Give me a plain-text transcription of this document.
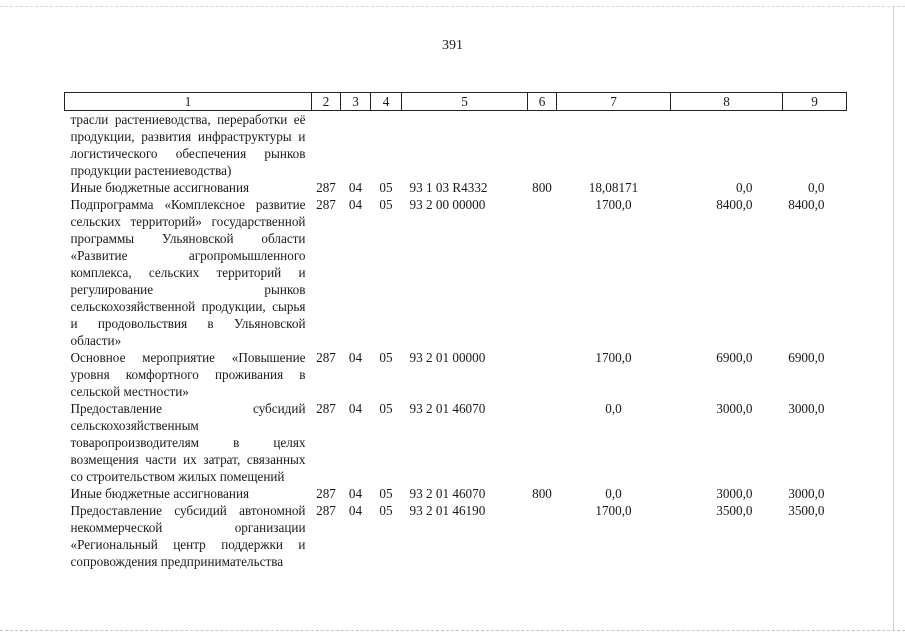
391
1	2	3	4	5	6	7	8	9
трасли растениеводства, переработки её продукции, развития инфраструктуры и логистического обеспечения рынков продукции растениеводства)								
Иные бюджетные ассигнования	287	04	05	93 1 03 R4332	800	18,08171	0,0	0,0
Подпрограмма «Комплексное развитие сельских территорий» государственной программы Ульяновской области «Развитие агропромышленного комплекса, сельских территорий и регулирование рынков сельскохозяйственной продукции, сырья и продовольствия в Ульяновской области»	287	04	05	93 2 00 00000		1700,0	8400,0	8400,0
Основное мероприятие «Повышение уровня комфортного проживания в сельской местности»	287	04	05	93 2 01 00000		1700,0	6900,0	6900,0
Предоставление субсидий сельскохозяйственным товаропроизводителям в целях возмещения части их затрат, связанных со строительством жилых помещений	287	04	05	93 2 01 46070		0,0	3000,0	3000,0
Иные бюджетные ассигнования	287	04	05	93 2 01 46070	800	0,0	3000,0	3000,0
Предоставление субсидий автономной некоммерческой организации «Региональный центр поддержки и сопровождения предпринимательства	287	04	05	93 2 01 46190		1700,0	3500,0	3500,0
